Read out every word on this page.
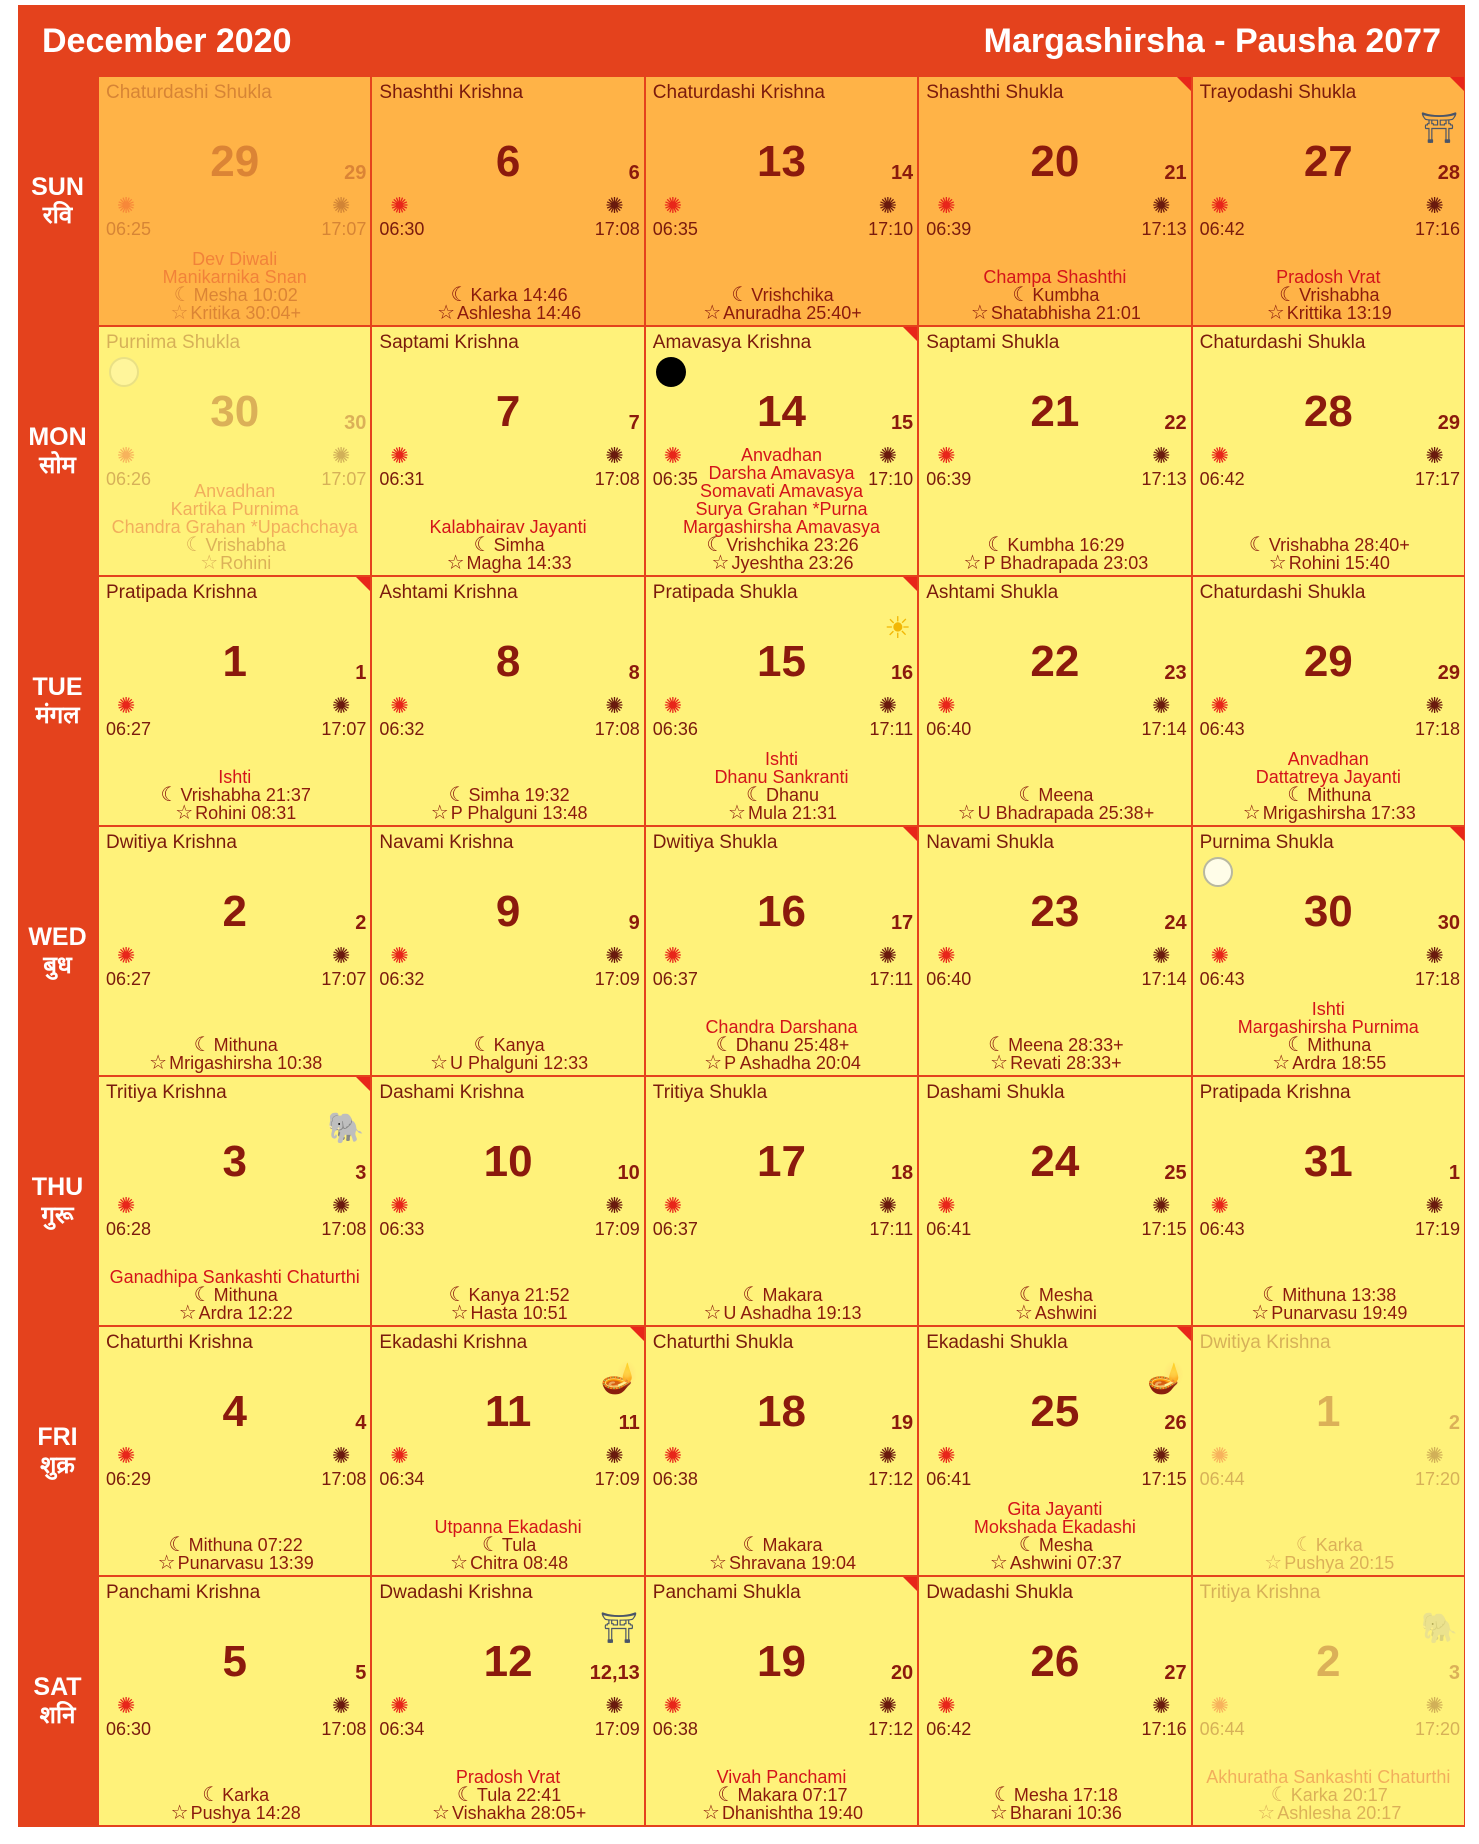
December 2020	Margashirsha - Pausha 2077
SUN
रवि
Chaturdashi Shukla
29	29
✺	✺
06:25	17:07
Dev Diwali
Manikarnika Snan
☾ Mesha 10:02
☆ Kritika 30:04+
Shashthi Krishna
6	6
✺	✺
06:30	17:08
☾ Karka 14:46
☆ Ashlesha 14:46
Chaturdashi Krishna
13	14
✺	✺
06:35	17:10
☾ Vrishchika
☆ Anuradha 25:40+
Shashthi Shukla
20	21
✺	✺
06:39	17:13
Champa Shashthi
☾ Kumbha
☆ Shatabhisha 21:01
Trayodashi Shukla
⛩
27	28
✺	✺
06:42	17:16
Pradosh Vrat
☾ Vrishabha
☆ Krittika 13:19
MON
सोम
Purnima Shukla
30	30
✺	✺
06:26	17:07
Anvadhan
Kartika Purnima
Chandra Grahan *Upachchaya
☾ Vrishabha
☆ Rohini
Saptami Krishna
7	7
✺	✺
06:31	17:08
Kalabhairav Jayanti
☾ Simha
☆ Magha 14:33
Amavasya Krishna
14	15
✺	✺
06:35	17:10
Anvadhan
Darsha Amavasya
Somavati Amavasya
Surya Grahan *Purna
Margashirsha Amavasya
☾ Vrishchika 23:26
☆ Jyeshtha 23:26
Saptami Shukla
21	22
✺	✺
06:39	17:13
☾ Kumbha 16:29
☆ P Bhadrapada 23:03
Chaturdashi Shukla
28	29
✺	✺
06:42	17:17
☾ Vrishabha 28:40+
☆ Rohini 15:40
TUE
मंगल
Pratipada Krishna
1	1
✺	✺
06:27	17:07
Ishti
☾ Vrishabha 21:37
☆ Rohini 08:31
Ashtami Krishna
8	8
✺	✺
06:32	17:08
☾ Simha 19:32
☆ P Phalguni 13:48
Pratipada Shukla
☀
15	16
✺	✺
06:36	17:11
Ishti
Dhanu Sankranti
☾ Dhanu
☆ Mula 21:31
Ashtami Shukla
22	23
✺	✺
06:40	17:14
☾ Meena
☆ U Bhadrapada 25:38+
Chaturdashi Shukla
29	29
✺	✺
06:43	17:18
Anvadhan
Dattatreya Jayanti
☾ Mithuna
☆ Mrigashirsha 17:33
WED
बुध
Dwitiya Krishna
2	2
✺	✺
06:27	17:07
☾ Mithuna
☆ Mrigashirsha 10:38
Navami Krishna
9	9
✺	✺
06:32	17:09
☾ Kanya
☆ U Phalguni 12:33
Dwitiya Shukla
16	17
✺	✺
06:37	17:11
Chandra Darshana
☾ Dhanu 25:48+
☆ P Ashadha 20:04
Navami Shukla
23	24
✺	✺
06:40	17:14
☾ Meena 28:33+
☆ Revati 28:33+
Purnima Shukla
30	30
✺	✺
06:43	17:18
Ishti
Margashirsha Purnima
☾ Mithuna
☆ Ardra 18:55
THU
गुरू
Tritiya Krishna
🐘
3	3
✺	✺
06:28	17:08
Ganadhipa Sankashti Chaturthi
☾ Mithuna
☆ Ardra 12:22
Dashami Krishna
10	10
✺	✺
06:33	17:09
☾ Kanya 21:52
☆ Hasta 10:51
Tritiya Shukla
17	18
✺	✺
06:37	17:11
☾ Makara
☆ U Ashadha 19:13
Dashami Shukla
24	25
✺	✺
06:41	17:15
☾ Mesha
☆ Ashwini
Pratipada Krishna
31	1
✺	✺
06:43	17:19
☾ Mithuna 13:38
☆ Punarvasu 19:49
FRI
शुक्र
Chaturthi Krishna
4	4
✺	✺
06:29	17:08
☾ Mithuna 07:22
☆ Punarvasu 13:39
Ekadashi Krishna
🪔
11	11
✺	✺
06:34	17:09
Utpanna Ekadashi
☾ Tula
☆ Chitra 08:48
Chaturthi Shukla
18	19
✺	✺
06:38	17:12
☾ Makara
☆ Shravana 19:04
Ekadashi Shukla
🪔
25	26
✺	✺
06:41	17:15
Gita Jayanti
Mokshada Ekadashi
☾ Mesha
☆ Ashwini 07:37
Dwitiya Krishna
1	2
✺	✺
06:44	17:20
☾ Karka
☆ Pushya 20:15
SAT
शनि
Panchami Krishna
5	5
✺	✺
06:30	17:08
☾ Karka
☆ Pushya 14:28
Dwadashi Krishna
⛩
12	12,13
✺	✺
06:34	17:09
Pradosh Vrat
☾ Tula 22:41
☆ Vishakha 28:05+
Panchami Shukla
19	20
✺	✺
06:38	17:12
Vivah Panchami
☾ Makara 07:17
☆ Dhanishtha 19:40
Dwadashi Shukla
26	27
✺	✺
06:42	17:16
☾ Mesha 17:18
☆ Bharani 10:36
Tritiya Krishna
🐘
2	3
✺	✺
06:44	17:20
Akhuratha Sankashti Chaturthi
☾ Karka 20:17
☆ Ashlesha 20:17
